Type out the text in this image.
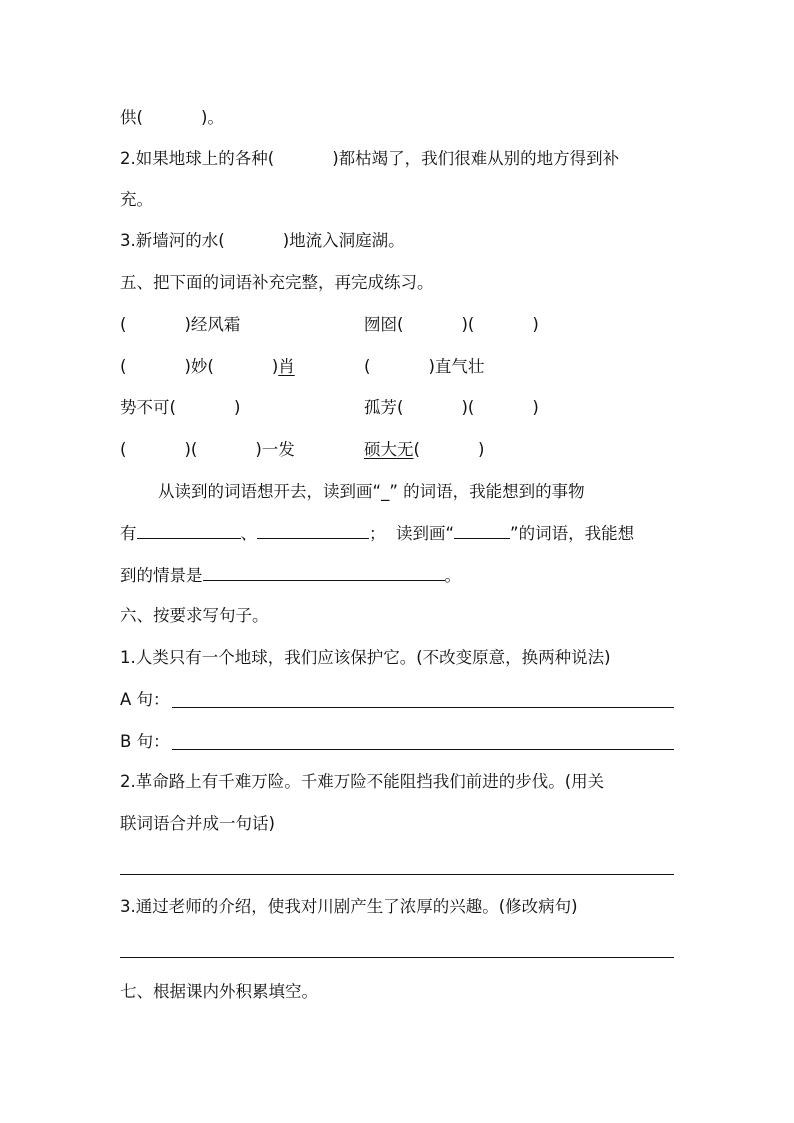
供(	)。
2.如果地球上的各种(	)都枯竭了，我们很难从别的地方得到补
充。
3.新墙河的水(	)地流入洞庭湖。
五、把下面的词语补充完整，再完成练习。
(	)经风霜	囫囵(	)(	)
(	)妙(	)肖	(	)直气壮
势不可(	)	孤芳(	)(	)
(	)(	)一发	硕大无(	)
从读到的词语想开去，读到画“_” 的词语，我能想到的事物
有	、	；  读到画“	”的词语，我能想
到的情景是	。
六、按要求写句子。
1.人类只有一个地球，我们应该保护它。(不改变原意，换两种说法)
A 句：
B 句：
2.革命路上有千难万险。千难万险不能阻挡我们前进的步伐。(用关
联词语合并成一句话)
3.通过老师的介绍，使我对川剧产生了浓厚的兴趣。(修改病句)
七、根据课内外积累填空。
